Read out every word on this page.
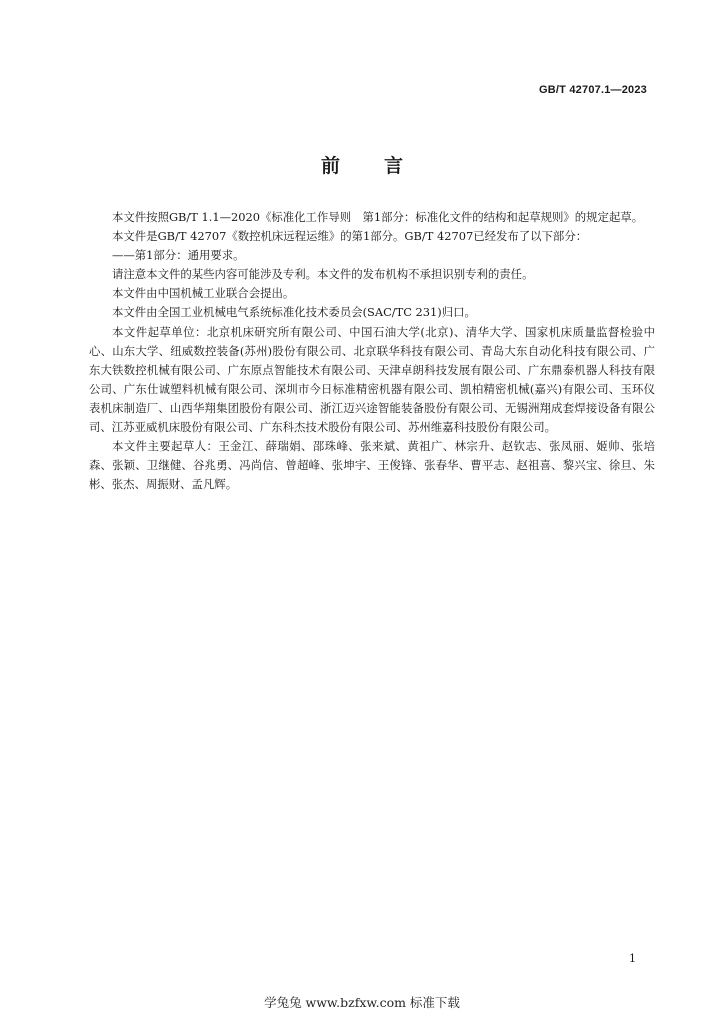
GB/T 42707.1—2023
前 言

本文件按照GB/T 1.1—2020《标准化工作导则　第1部分：标准化文件的结构和起草规则》的规定起草。

本文件是GB/T 42707《数控机床远程运维》的第1部分。GB/T 42707已经发布了以下部分：

——第1部分：通用要求。

请注意本文件的某些内容可能涉及专利。本文件的发布机构不承担识别专利的责任。

本文件由中国机械工业联合会提出。

本文件由全国工业机械电气系统标准化技术委员会(SAC/TC 231)归口。

本文件起草单位：北京机床研究所有限公司、中国石油大学(北京)、清华大学、国家机床质量监督检验中心、山东大学、纽威数控装备(苏州)股份有限公司、北京联华科技有限公司、青岛大东自动化科技有限公司、广东大铁数控机械有限公司、广东原点智能技术有限公司、天津卓朗科技发展有限公司、广东鼎泰机器人科技有限公司、广东仕诚塑料机械有限公司、深圳市今日标准精密机器有限公司、凯柏精密机械(嘉兴)有限公司、玉环仪表机床制造厂、山西华翔集团股份有限公司、浙江迈兴途智能装备股份有限公司、无锡洲翔成套焊接设备有限公司、江苏亚威机床股份有限公司、广东科杰技术股份有限公司、苏州维嘉科技股份有限公司。

本文件主要起草人：王金江、薛瑞娟、邵珠峰、张来斌、黄祖广、林宗升、赵钦志、张凤丽、姬帅、张培森、张颖、卫继健、谷兆勇、冯尚信、曾超峰、张坤宇、王俊锋、张春华、曹平志、赵祖喜、黎兴宝、徐旦、朱彬、张杰、周振财、孟凡辉。

1
学兔兔 www.bzfxw.com 标准下载
